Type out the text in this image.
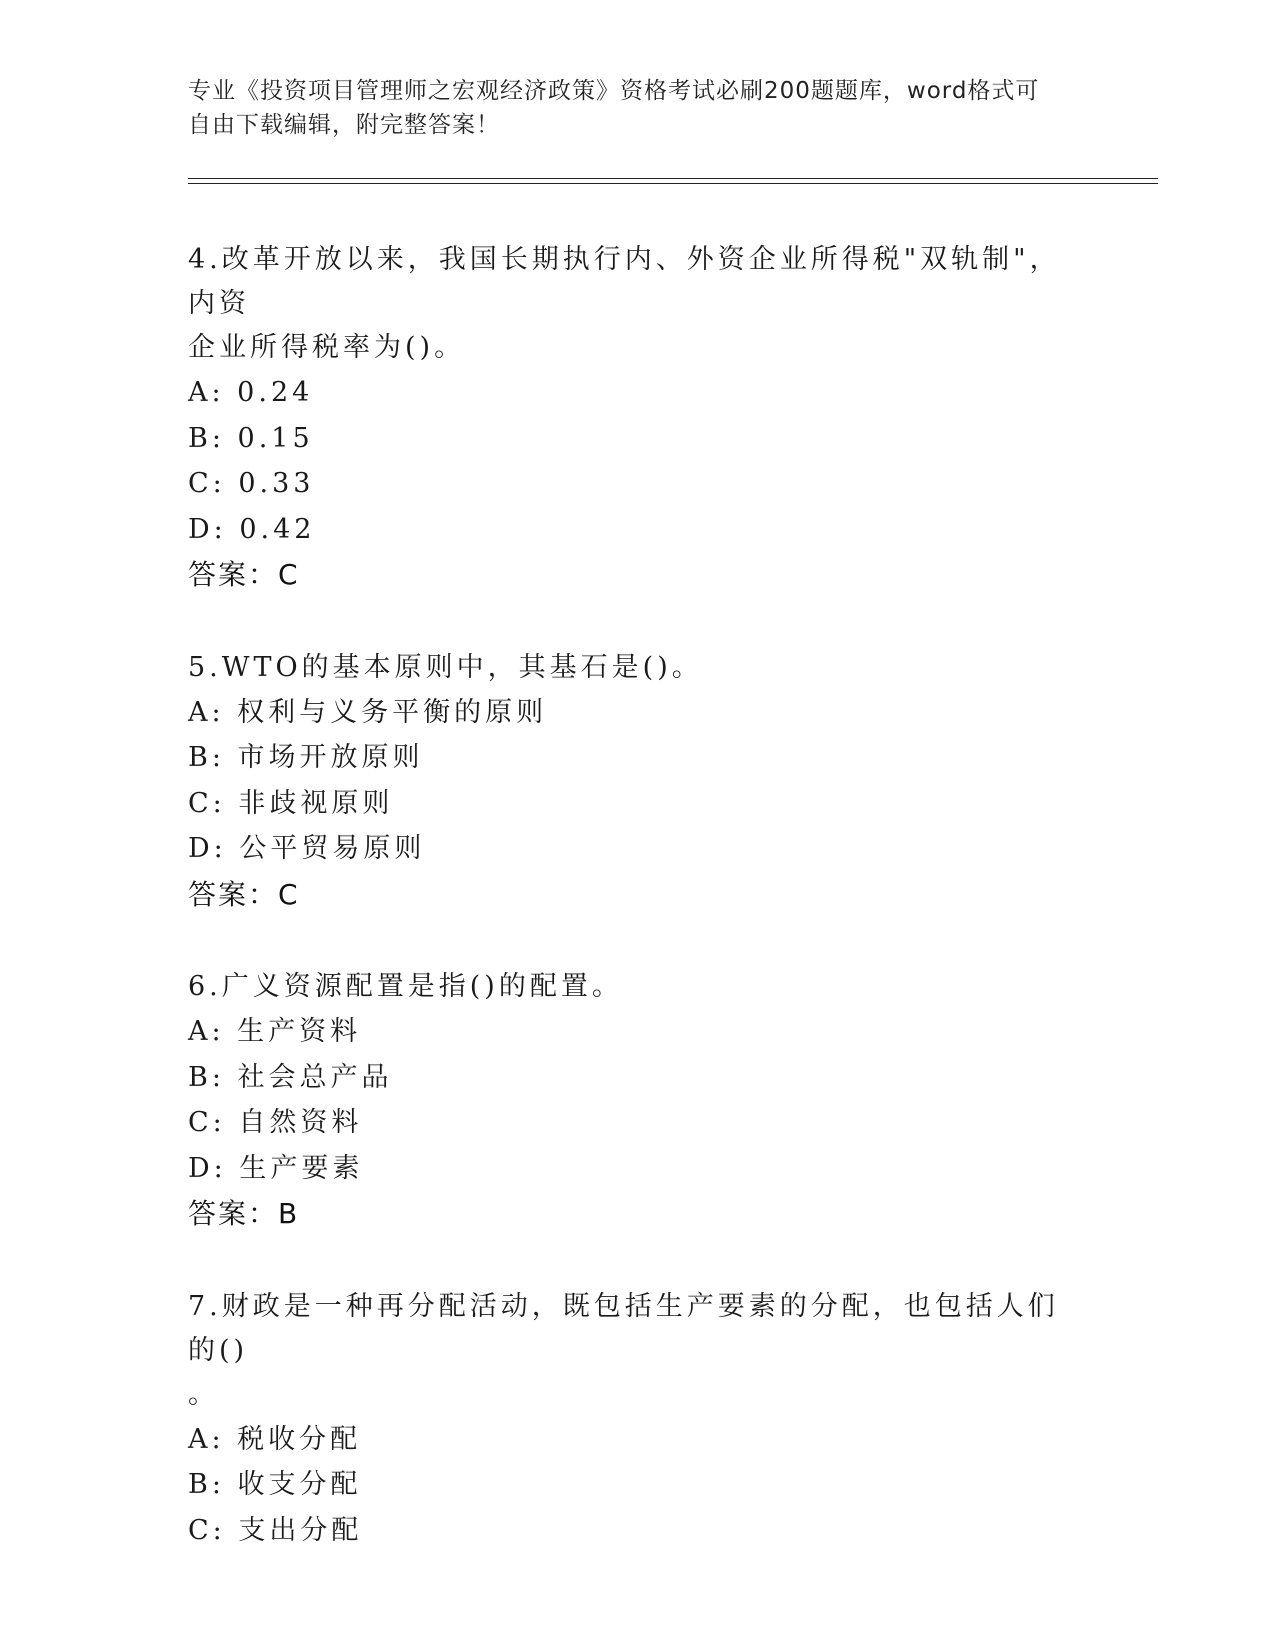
专业《投资项目管理师之宏观经济政策》资格考试必刷200题题库，word格式可
自由下载编辑，附完整答案！

4.改革开放以来，我国长期执行内、外资企业所得税"双轨制"，内资
企业所得税率为()。

A: 0.24

B: 0.15

C: 0.33

D: 0.42

答案：C

5.WTO的基本原则中，其基石是()。

A: 权利与义务平衡的原则

B: 市场开放原则

C: 非歧视原则

D: 公平贸易原则

答案：C

6.广义资源配置是指()的配置。

A: 生产资料

B: 社会总产品

C: 自然资料

D: 生产要素

答案：B

7.财政是一种再分配活动，既包括生产要素的分配，也包括人们的()
。

A: 税收分配

B: 收支分配

C: 支出分配
